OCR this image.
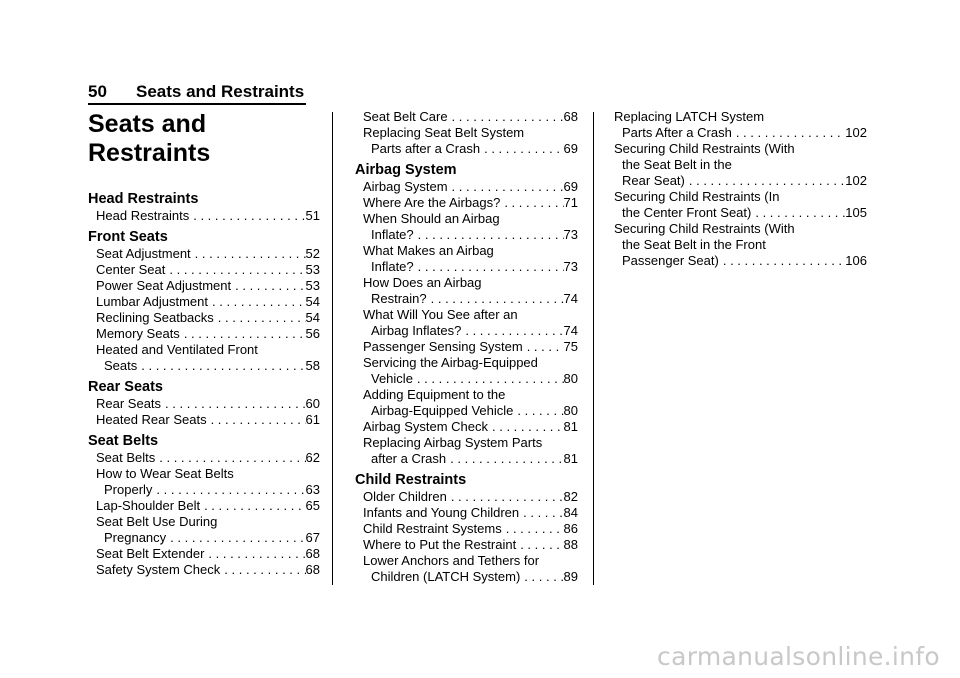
50 Seats and Restraints
Seats and
Restraints
Head Restraints
Head Restraints . . .	51
Front Seats
Seat Adjustment . . .	52
Center Seat . . .	53
Power Seat Adjustment . . .	53
Lumbar Adjustment . . .	54
Reclining Seatbacks . . .	54
Memory Seats . . .	56
Heated and Ventilated Front
Seats . . .	58
Rear Seats
Rear Seats . . .	60
Heated Rear Seats . . .	61
Seat Belts
Seat Belts . . .	62
How to Wear Seat Belts
Properly . . .	63
Lap-Shoulder Belt . . .	65
Seat Belt Use During
Pregnancy . . .	67
Seat Belt Extender . . .	68
Safety System Check . . .	68
Seat Belt Care . . .	68
Replacing Seat Belt System
Parts after a Crash . . .	69
Airbag System
Airbag System . . .	69
Where Are the Airbags? . . .	71
When Should an Airbag
Inflate? . . .	73
What Makes an Airbag
Inflate? . . .	73
How Does an Airbag
Restrain? . . .	74
What Will You See after an
Airbag Inflates? . . .	74
Passenger Sensing System . . .	75
Servicing the Airbag-Equipped
Vehicle . . .	80
Adding Equipment to the
Airbag-Equipped Vehicle . . .	80
Airbag System Check . . .	81
Replacing Airbag System Parts
after a Crash . . .	81
Child Restraints
Older Children . . .	82
Infants and Young Children . . .	84
Child Restraint Systems . . .	86
Where to Put the Restraint . . .	88
Lower Anchors and Tethers for
Children (LATCH System) . . .	89
Replacing LATCH System
Parts After a Crash . . .	102
Securing Child Restraints (With
the Seat Belt in the
Rear Seat) . . .	102
Securing Child Restraints (In
the Center Front Seat) . . .	105
Securing Child Restraints (With
the Seat Belt in the Front
Passenger Seat) . . .	106
carmanualsonline.info
